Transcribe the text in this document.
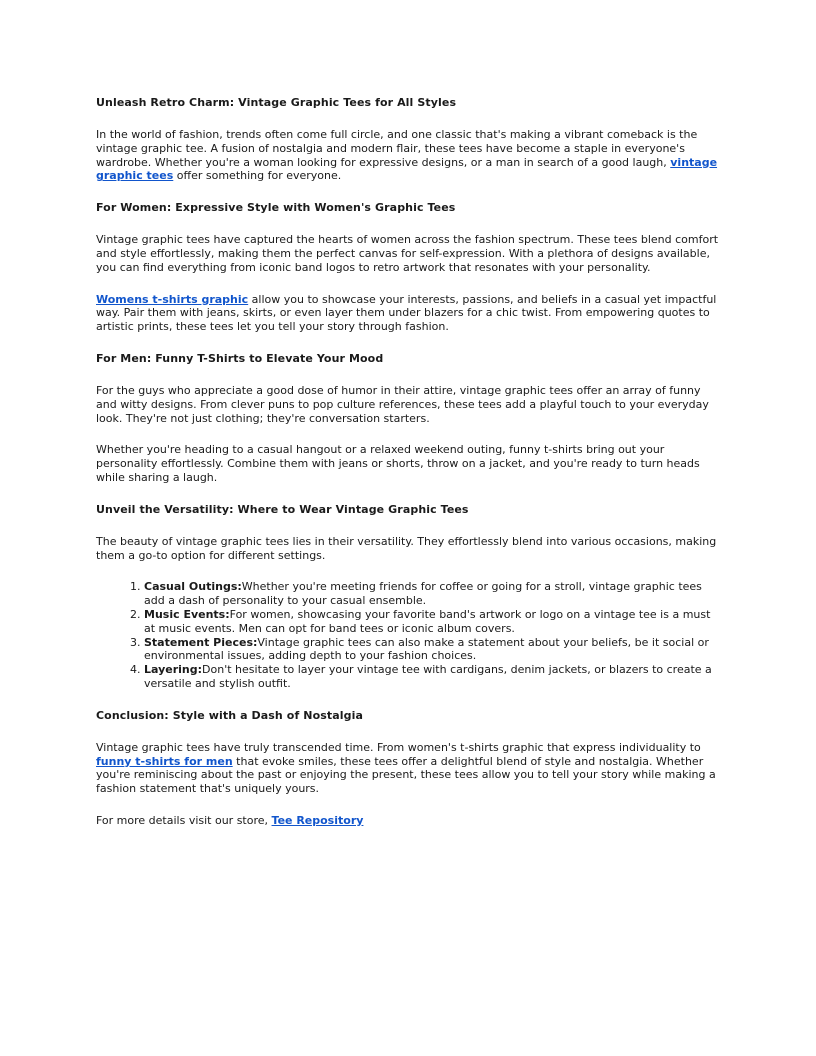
Unleash Retro Charm: Vintage Graphic Tees for All Styles

In the world of fashion, trends often come full circle, and one classic that's making a vibrant comeback is the vintage graphic tee. A fusion of nostalgia and modern flair, these tees have become a staple in everyone's wardrobe. Whether you're a woman looking for expressive designs, or a man in search of a good laugh, vintage graphic tees offer something for everyone.

For Women: Expressive Style with Women's Graphic Tees

Vintage graphic tees have captured the hearts of women across the fashion spectrum. These tees blend comfort and style effortlessly, making them the perfect canvas for self-expression. With a plethora of designs available, you can find everything from iconic band logos to retro artwork that resonates with your personality.

Womens t-shirts graphic allow you to showcase your interests, passions, and beliefs in a casual yet impactful way. Pair them with jeans, skirts, or even layer them under blazers for a chic twist. From empowering quotes to artistic prints, these tees let you tell your story through fashion.

For Men: Funny T-Shirts to Elevate Your Mood

For the guys who appreciate a good dose of humor in their attire, vintage graphic tees offer an array of funny and witty designs. From clever puns to pop culture references, these tees add a playful touch to your everyday look. They're not just clothing; they're conversation starters.

Whether you're heading to a casual hangout or a relaxed weekend outing, funny t-shirts bring out your personality effortlessly. Combine them with jeans or shorts, throw on a jacket, and you're ready to turn heads while sharing a laugh.

Unveil the Versatility: Where to Wear Vintage Graphic Tees

The beauty of vintage graphic tees lies in their versatility. They effortlessly blend into various occasions, making them a go-to option for different settings.

1. Casual Outings:Whether you're meeting friends for coffee or going for a stroll, vintage graphic tees add a dash of personality to your casual ensemble.
2. Music Events:For women, showcasing your favorite band's artwork or logo on a vintage tee is a must at music events. Men can opt for band tees or iconic album covers.
3. Statement Pieces:Vintage graphic tees can also make a statement about your beliefs, be it social or environmental issues, adding depth to your fashion choices.
4. Layering:Don't hesitate to layer your vintage tee with cardigans, denim jackets, or blazers to create a versatile and stylish outfit.
Conclusion: Style with a Dash of Nostalgia

Vintage graphic tees have truly transcended time. From women's t-shirts graphic that express individuality to funny t-shirts for men that evoke smiles, these tees offer a delightful blend of style and nostalgia. Whether you're reminiscing about the past or enjoying the present, these tees allow you to tell your story while making a fashion statement that's uniquely yours.

For more details visit our store, Tee Repository
